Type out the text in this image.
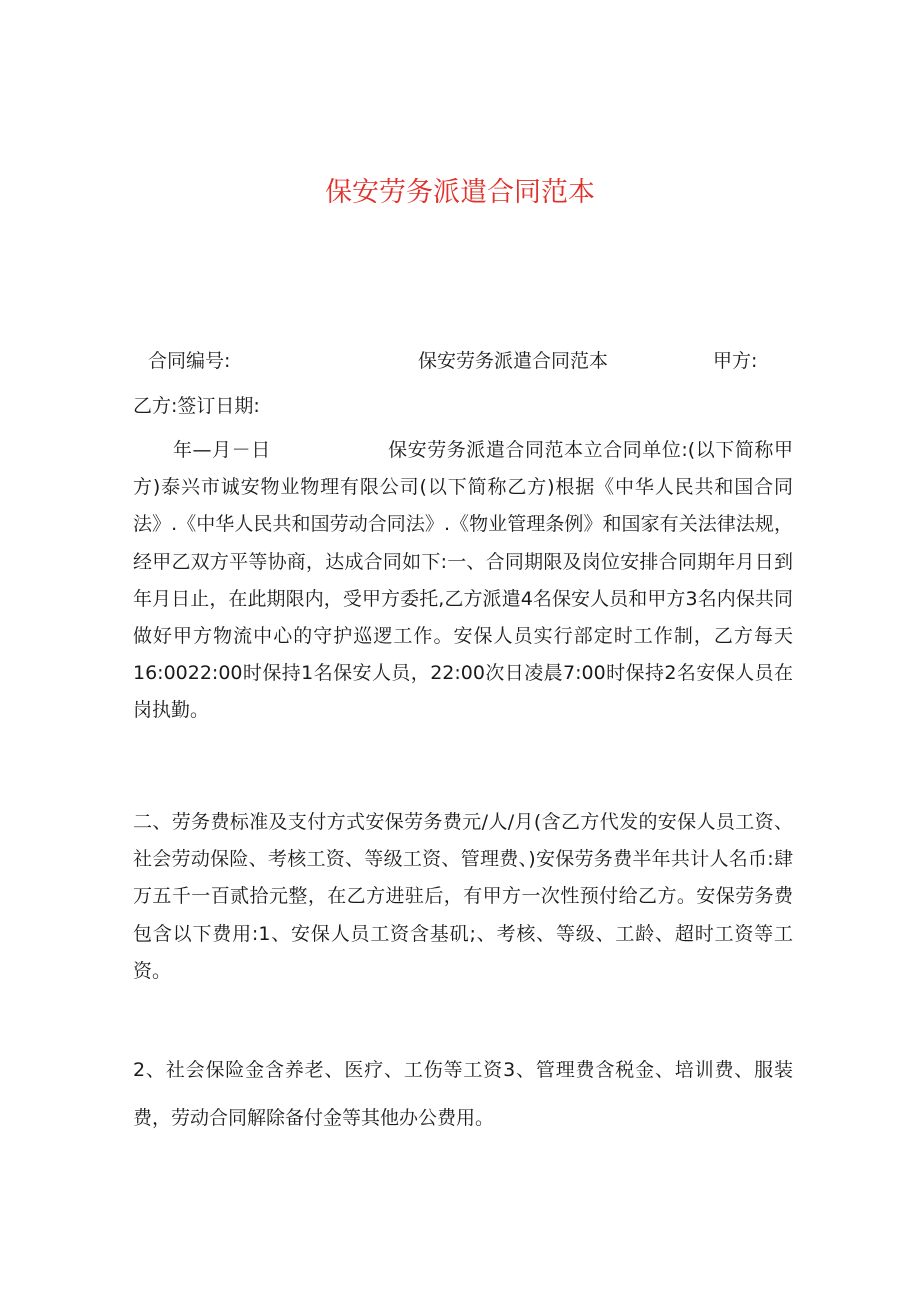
保安劳务派遣合同范本
合同编号:	保安劳务派遣合同范本	甲方:

乙方:签订日期:

年—月－日　　　　　　保安劳务派遣合同范本立合同单位:(以下简称甲方)泰兴市诚安物业物理有限公司(以下简称乙方)根据《中华人民共和国合同法》.《中华人民共和国劳动合同法》.《物业管理条例》和国家有关法律法规，经甲乙双方平等协商，达成合同如下:一、合同期限及岗位安排合同期年月日到年月日止，在此期限内，受甲方委托,乙方派遣4名保安人员和甲方3名内保共同做好甲方物流中心的守护巡逻工作。安保人员实行部定时工作制，乙方每天16:0022:00时保持1名保安人员，22:00次日凌晨7:00时保持2名安保人员在岗执勤。

二、劳务费标准及支付方式安保劳务费元/人/月(含乙方代发的安保人员工资、社会劳动保险、考核工资、等级工资、管理费、)安保劳务费半年共计人名币:肆万五千一百贰拾元整，在乙方进驻后，有甲方一次性预付给乙方。安保劳务费包含以下费用:1、安保人员工资含基矶;、考核、等级、工龄、超时工资等工资。

2、社会保险金含养老、医疗、工伤等工资3、管理费含税金、培训费、服装费，劳动合同解除备付金等其他办公费用。
